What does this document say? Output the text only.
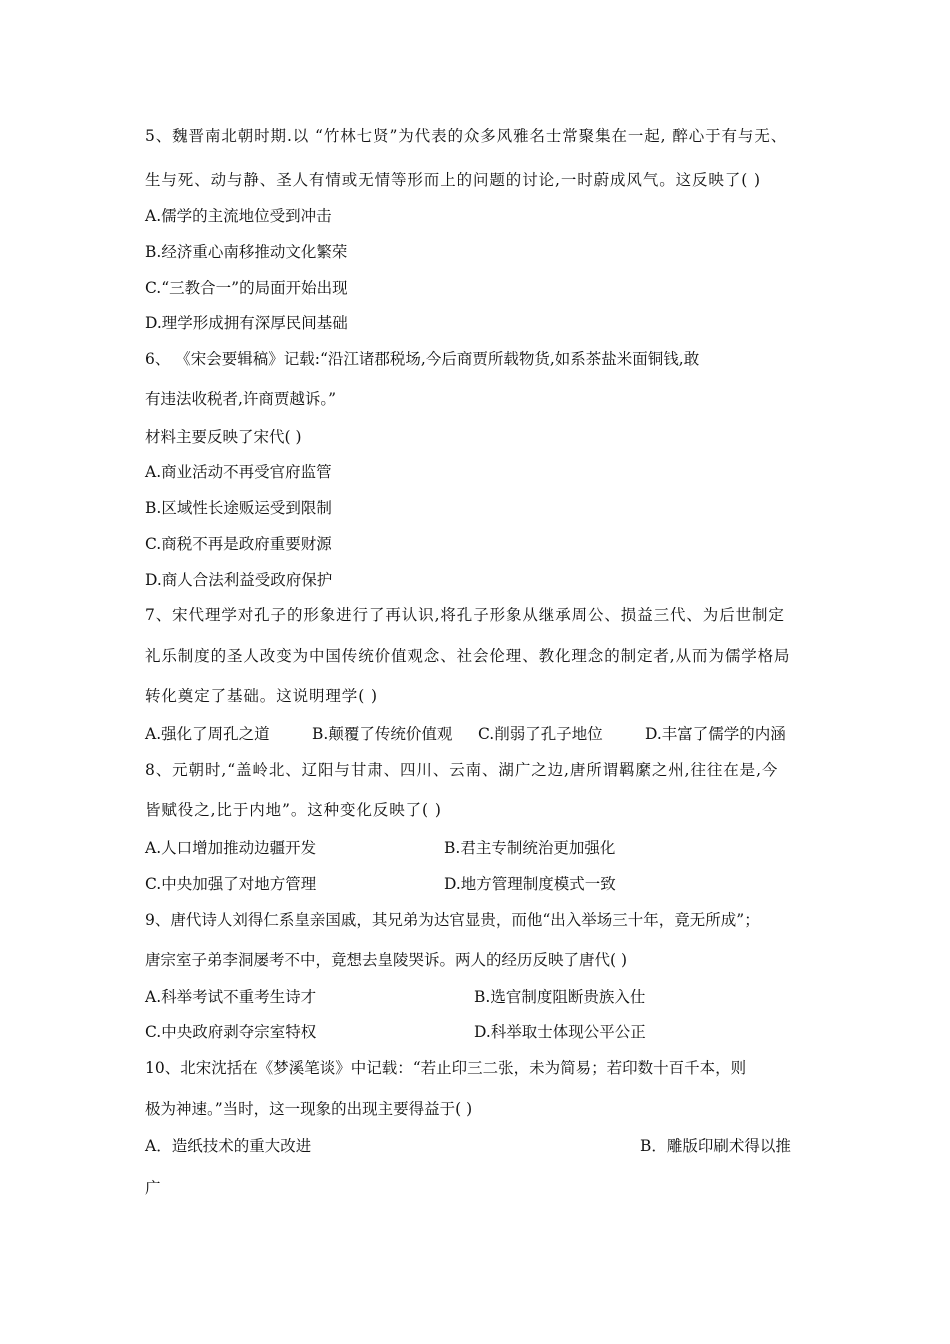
5、魏晋南北朝时期.以 “竹林七贤”为代表的众多风雅名士常聚集在一起, 醉心于有与无、
生与死、动与静、圣人有情或无情等形而上的问题的讨论,一时蔚成风气。这反映了( )
A.儒学的主流地位受到冲击
B.经济重心南移推动文化繁荣
C.“三教合一”的局面开始出现
D.理学形成拥有深厚民间基础
6、 《宋会要辑稿》记载:“沿江诸郡税场,今后商贾所载物货,如系茶盐米面铜钱,敢
有违法收税者,许商贾越诉。”
材料主要反映了宋代( )
A.商业活动不再受官府监管
B.区域性长途贩运受到限制
C.商税不再是政府重要财源
D.商人合法利益受政府保护
7、宋代理学对孔子的形象进行了再认识,将孔子形象从继承周公、损益三代、为后世制定
礼乐制度的圣人改变为中国传统价值观念、社会伦理、教化理念的制定者,从而为儒学格局
转化奠定了基础。这说明理学( )
A.强化了周孔之道	B.颠覆了传统价值观 C.削弱了孔子地位	D.丰富了儒学的内涵
8、元朝时,“盖岭北、辽阳与甘肃、四川、云南、湖广之边,唐所谓羁縻之州,往往在是,今
皆赋役之,比于内地”。这种变化反映了( )
A.人口增加推动边疆开发	B.君主专制统治更加强化
C.中央加强了对地方管理	D.地方管理制度模式一致
9、唐代诗人刘得仁系皇亲国戚，其兄弟为达官显贵，而他“出入举场三十年，竟无所成”；
唐宗室子弟李洞屡考不中，竟想去皇陵哭诉。两人的经历反映了唐代( )
A.科举考试不重考生诗才	B.选官制度阻断贵族入仕
C.中央政府剥夺宗室特权	D.科举取士体现公平公正
10、北宋沈括在《梦溪笔谈》中记载：“若止印三二张，未为简易；若印数十百千本，则
极为神速。”当时，这一现象的出现主要得益于( )
A．造纸技术的重大改进	B．雕版印刷术得以推
广
